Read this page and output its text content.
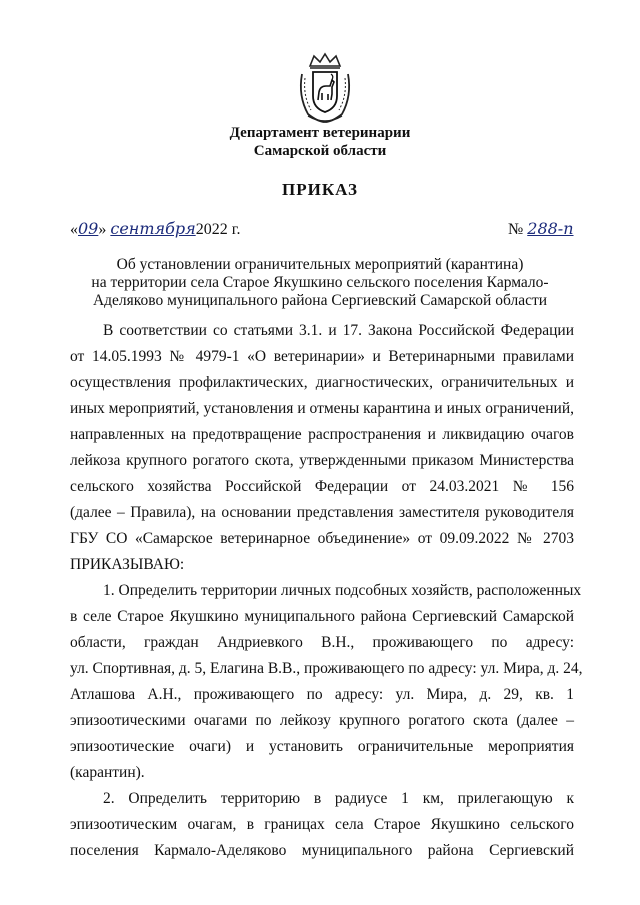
Департамент ветеринарии
Самарской области
ПРИКАЗ
«09» сентября2022 г.	№ 288-п
Об установлении ограничительных мероприятий (карантина)
на территории села Старое Якушкино сельского поселения Кармало-
Аделяково муниципального района Сергиевский Самарской области
В соответствии со статьями 3.1. и 17. Закона Российской Федерации
от 14.05.1993 № 4979-1 «О ветеринарии» и Ветеринарными правилами
осуществления профилактических, диагностических, ограничительных и
иных мероприятий, установления и отмены карантина и иных ограничений,
направленных на предотвращение распространения и ликвидацию очагов
лейкоза крупного рогатого скота, утвержденными приказом Министерства
сельского хозяйства Российской Федерации от 24.03.2021 № 156
(далее – Правила), на основании представления заместителя руководителя
ГБУ СО «Самарское ветеринарное объединение» от 09.09.2022 № 2703
ПРИКАЗЫВАЮ:
1. Определить территории личных подсобных хозяйств, расположенных
в селе Старое Якушкино муниципального района Сергиевский Самарской
области, граждан Андриевкого В.Н., проживающего по адресу:
ул. Спортивная, д. 5, Елагина В.В., проживающего по адресу: ул. Мира, д. 24,
Атлашова А.Н., проживающего по адресу: ул. Мира, д. 29, кв. 1
эпизоотическими очагами по лейкозу крупного рогатого скота (далее –
эпизоотические очаги) и установить ограничительные мероприятия
(карантин).
2. Определить территорию в радиусе 1 км, прилегающую к
эпизоотическим очагам, в границах села Старое Якушкино сельского
поселения Кармало-Аделяково муниципального района Сергиевский
